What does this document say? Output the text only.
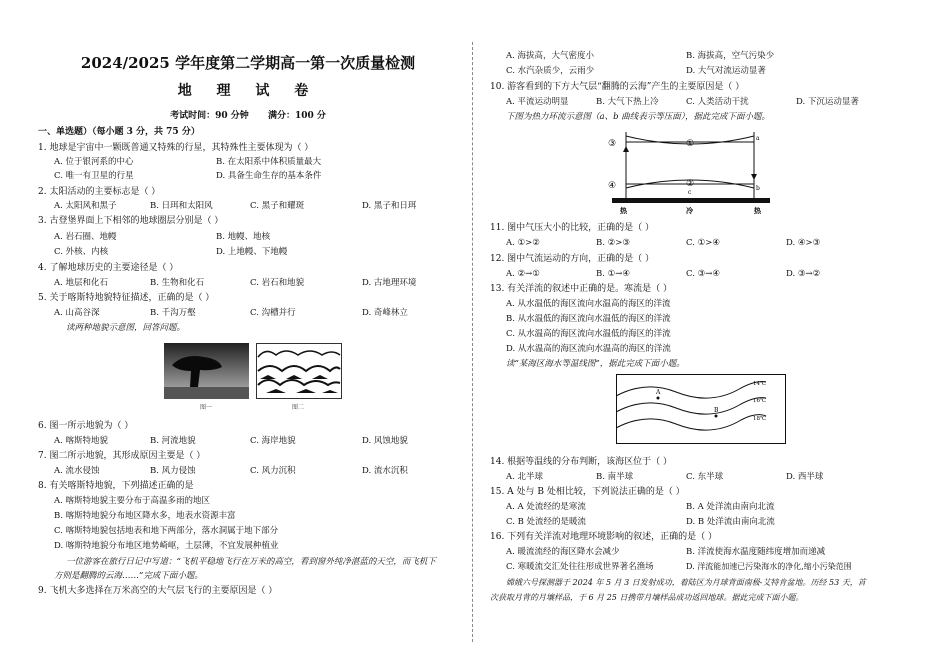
2024/2025 学年度第二学期高一第一次质量检测
地 理 试 卷
考试时间：90 分钟 满分：100 分
一、单选题）（每小题 3 分，共 75 分）
1. 地球是宇宙中一颗既普通又特殊的行星，其特殊性主要体现为（ ）
A. 位于银河系的中心	B. 在太阳系中体积质量最大
C. 唯一有卫星的行星	D. 具备生命生存的基本条件
2. 太阳活动的主要标志是（ ）
A. 太阳风和黑子	B. 日珥和太阳风	C. 黑子和耀斑	D. 黑子和日珥
3. 古登堡界面上下相邻的地球圈层分别是（ ）
A. 岩石圈、地幔	B. 地幔、地核
C. 外核、内核	D. 上地幔、下地幔
4. 了解地球历史的主要途径是（ ）
A. 地层和化石	B. 生物和化石	C. 岩石和地貌	D. 古地理环境
5. 关于喀斯特地貌特征描述，正确的是（ ）
A. 山高谷深	B. 千沟万壑	C. 沟槽并行	D. 奇峰林立
读两种地貌示意图，回答问题。
图一	图二
6. 图一所示地貌为（ ）
A. 喀斯特地貌	B. 河流地貌	C. 海岸地貌	D. 风蚀地貌
7. 图二所示地貌，其形成原因主要是（ ）
A. 流水侵蚀	B. 风力侵蚀	C. 风力沉积	D. 流水沉积
8. 有关喀斯特地貌，下列描述正确的是
A. 喀斯特地貌主要分布于高温多雨的地区
B. 喀斯特地貌分布地区降水多，地表水资源丰富
C. 喀斯特地貌包括地表和地下两部分，落水洞属于地下部分
D. 喀斯特地貌分布地区地势崎岖，土层薄，不宜发展种植业
一位游客在旅行日记中写道：“飞机平稳地飞行在万米的高空，看到窗外纯净湛蓝的天空，而飞机下
方则是翻腾的云海……”完成下面小题。
9. 飞机大多选择在万米高空的大气层飞行的主要原因是（ ）
A. 海拔高，大气密度小	B. 海拔高，空气污染少
C. 水汽杂质少，云雨少	D. 大气对流运动显著
10. 游客看到的下方大气层“翻腾的云海”产生的主要原因是（ ）
A. 平流运动明显	B. 大气下热上冷	C. 人类活动干扰	D. 下沉运动显著
下图为热力环流示意图（a、b 曲线表示等压面），据此完成下面小题。
③	①
④	②
a
b
c
热	冷	热
11. 图中气压大小的比较，正确的是（ ）
A. ①>②	B. ②>③	C. ①>④	D. ④>③
12. 图中气流运动的方向，正确的是（ ）
A. ②→①	B. ①→④	C. ③→④	D. ③→②
13. 有关洋流的叙述中正确的是。寒流是（ ）
A. 从水温低的海区流向水温高的海区的洋流
B. 从水温低的海区流向水温低的海区的洋流
C. 从水温高的海区流向水温低的海区的洋流
D. 从水温高的海区流向水温高的海区的洋流
读“某海区海水等温线图”，据此完成下面小题。
A
B
14℃
16℃
18℃
14. 根据等温线的分布判断，该海区位于（ ）
A. 北半球	B. 南半球	C. 东半球	D. 西半球
15. A 处与 B 处相比较，下列说法正确的是（ ）
A. A 处流经的是寒流	B. A 处洋流由南向北流
C. B 处流经的是暖流	D. B 处洋流由南向北流
16. 下列有关洋流对地理环境影响的叙述，正确的是（ ）
A. 暖流流经的海区降水会减少	B. 洋流使海水温度随纬度增加而递减
C. 寒暖流交汇处往往形成世界著名渔场	D. 洋流能加速已污染海水的净化,缩小污染范围
嫦娥六号探测器于 2024 年 5 月 3 日发射成功，着陆区为月球背面南极-艾特肯盆地。历经 53 天，首
次获取月背的月壤样品，于 6 月 25 日携带月壤样品成功返回地球。据此完成下面小题。
